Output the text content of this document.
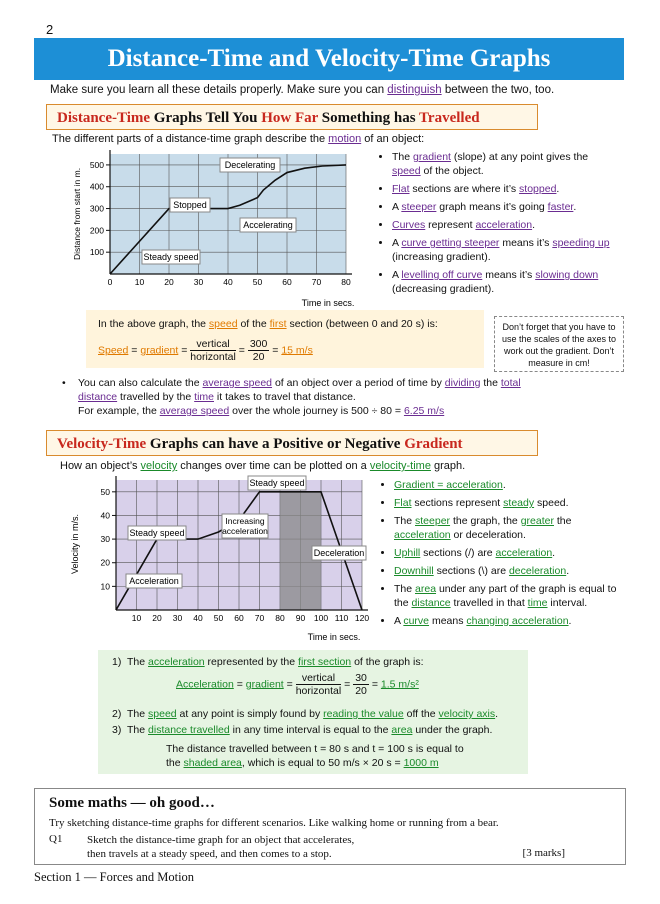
2
Distance-Time and Velocity-Time Graphs
Make sure you learn all these details properly. Make sure you can distinguish between the two, too.
Distance-Time Graphs Tell You How Far Something has Travelled
The different parts of a distance-time graph describe the motion of an object:
0	10 20 30 40 50 60 70 80
100
200
300
400
500
Distance from start in m.
Time in secs.
Decelerating
Stopped
Accelerating
Steady speed
• The gradient (slope) at any point gives the speed of the object.
• Flat sections are where it’s stopped.
• A steeper graph means it’s going faster.
• Curves represent acceleration.
• A curve getting steeper means it’s speeding up (increasing gradient).
• A levelling off curve means it’s slowing down (decreasing gradient).
In the above graph, the speed of the first section (between 0 and 20 s) is:
Speed = gradient = $\frac{\text{vertical}}{\text{horizontal}} = \frac{300}{20} = 15$ m/s
Don’t forget that you have to use the scales of the axes to work out the gradient. Don’t measure in cm!
•	You can also calculate the average speed of an object over a period of time by dividing the total distance travelled by the time it takes to travel that distance.
For example, the average speed over the whole journey is 500 ÷ 80 = 6.25 m/s
Velocity-Time Graphs can have a Positive or Negative Gradient
How an object’s velocity changes over time can be plotted on a velocity-time graph.
10 20 30 40 50 60 70 80 90 100 110 120
10
20
30
40
50
Velocity in m/s.
Time in secs.
Steady speed
Increasing
acceleration
Steady speed
Deceleration
Acceleration
• Gradient = acceleration.
• Flat sections represent steady speed.
• The steeper the graph, the greater the acceleration or deceleration.
• Uphill sections (/) are acceleration.
• Downhill sections (\) are deceleration.
• The area under any part of the graph is equal to the distance travelled in that time interval.
• A curve means changing acceleration.
1) The acceleration represented by the first section of the graph is:
Acceleration = gradient = $\frac{\text{vertical}}{\text{horizontal}} = \frac{30}{20} = 1.5$ m/s²
2) The speed at any point is simply found by reading the value off the velocity axis.
3) The distance travelled in any time interval is equal to the area under the graph.
The distance travelled between t = 80 s and t = 100 s is equal to
the shaded area, which is equal to 50 m/s × 20 s = 1000 m
Some maths — oh good…
Try sketching distance-time graphs for different scenarios. Like walking home or running from a bear.
Q1 Sketch the distance-time graph for an object that accelerates,
then travels at a steady speed, and then comes to a stop.	[3 marks]
Section 1 — Forces and Motion
